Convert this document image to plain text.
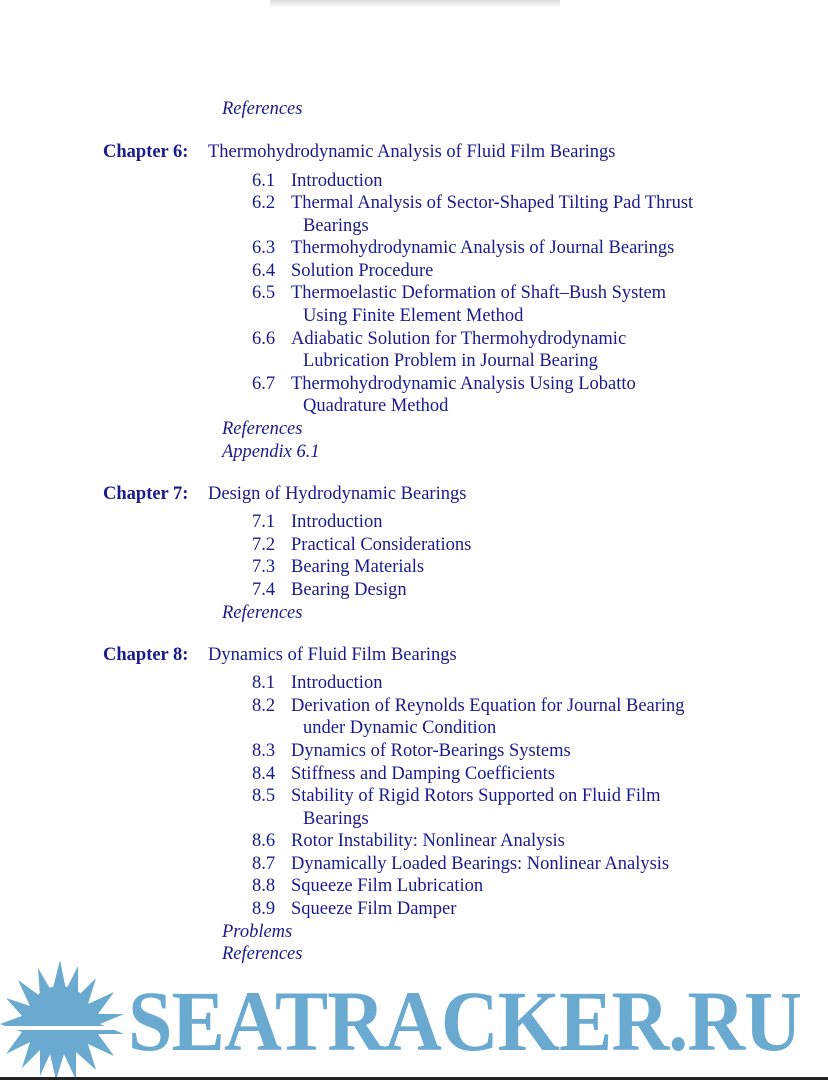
References
Chapter 6: Thermohydrodynamic Analysis of Fluid Film Bearings
6.1 Introduction
6.2 Thermal Analysis of Sector-Shaped Tilting Pad Thrust
Bearings
6.3 Thermohydrodynamic Analysis of Journal Bearings
6.4 Solution Procedure
6.5 Thermoelastic Deformation of Shaft–Bush System
Using Finite Element Method
6.6 Adiabatic Solution for Thermohydrodynamic
Lubrication Problem in Journal Bearing
6.7 Thermohydrodynamic Analysis Using Lobatto
Quadrature Method
References
Appendix 6.1
Chapter 7: Design of Hydrodynamic Bearings
7.1 Introduction
7.2 Practical Considerations
7.3 Bearing Materials
7.4 Bearing Design
References
Chapter 8: Dynamics of Fluid Film Bearings
8.1 Introduction
8.2 Derivation of Reynolds Equation for Journal Bearing
under Dynamic Condition
8.3 Dynamics of Rotor-Bearings Systems
8.4 Stiffness and Damping Coefficients
8.5 Stability of Rigid Rotors Supported on Fluid Film
Bearings
8.6 Rotor Instability: Nonlinear Analysis
8.7 Dynamically Loaded Bearings: Nonlinear Analysis
8.8 Squeeze Film Lubrication
8.9 Squeeze Film Damper
Problems
References
SEATRACKER.RU
